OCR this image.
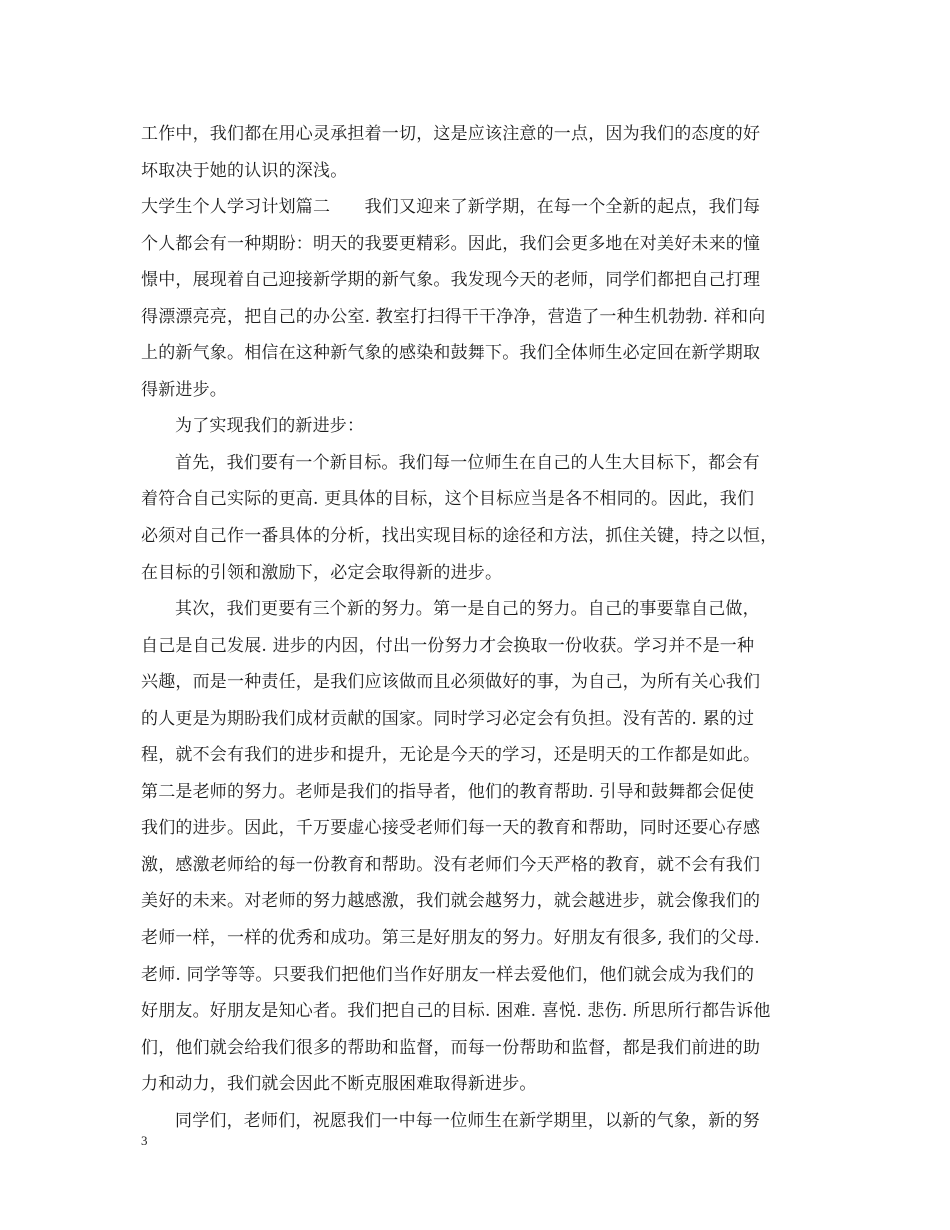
工作中，我们都在用心灵承担着一切，这是应该注意的一点，因为我们的态度的好
坏取决于她的认识的深浅。
大学生个人学习计划篇二　　我们又迎来了新学期，在每一个全新的起点，我们每
个人都会有一种期盼：明天的我要更精彩。因此，我们会更多地在对美好未来的憧
憬中，展现着自己迎接新学期的新气象。我发现今天的老师，同学们都把自己打理
得漂漂亮亮，把自己的办公室. 教室打扫得干干净净，营造了一种生机勃勃. 祥和向
上的新气象。相信在这种新气象的感染和鼓舞下。我们全体师生必定回在新学期取
得新进步。
为了实现我们的新进步：
首先，我们要有一个新目标。我们每一位师生在自己的人生大目标下，都会有
着符合自己实际的更高. 更具体的目标，这个目标应当是各不相同的。因此，我们
必须对自己作一番具体的分析，找出实现目标的途径和方法，抓住关键，持之以恒，
在目标的引领和激励下，必定会取得新的进步。
其次，我们更要有三个新的努力。第一是自己的努力。自己的事要靠自己做，
自己是自己发展. 进步的内因，付出一份努力才会换取一份收获。学习并不是一种
兴趣，而是一种责任，是我们应该做而且必须做好的事，为自己，为所有关心我们
的人更是为期盼我们成材贡献的国家。同时学习必定会有负担。没有苦的. 累的过
程，就不会有我们的进步和提升，无论是今天的学习，还是明天的工作都是如此。
第二是老师的努力。老师是我们的指导者，他们的教育帮助. 引导和鼓舞都会促使
我们的进步。因此，千万要虚心接受老师们每一天的教育和帮助，同时还要心存感
激，感激老师给的每一份教育和帮助。没有老师们今天严格的教育，就不会有我们
美好的未来。对老师的努力越感激，我们就会越努力，就会越进步，就会像我们的
老师一样，一样的优秀和成功。第三是好朋友的努力。好朋友有很多, 我们的父母.
老师. 同学等等。只要我们把他们当作好朋友一样去爱他们，他们就会成为我们的
好朋友。好朋友是知心者。我们把自己的目标. 困难. 喜悦. 悲伤. 所思所行都告诉他
们，他们就会给我们很多的帮助和监督，而每一份帮助和监督，都是我们前进的助
力和动力，我们就会因此不断克服困难取得新进步。
同学们，老师们，祝愿我们一中每一位师生在新学期里，以新的气象，新的努
3
